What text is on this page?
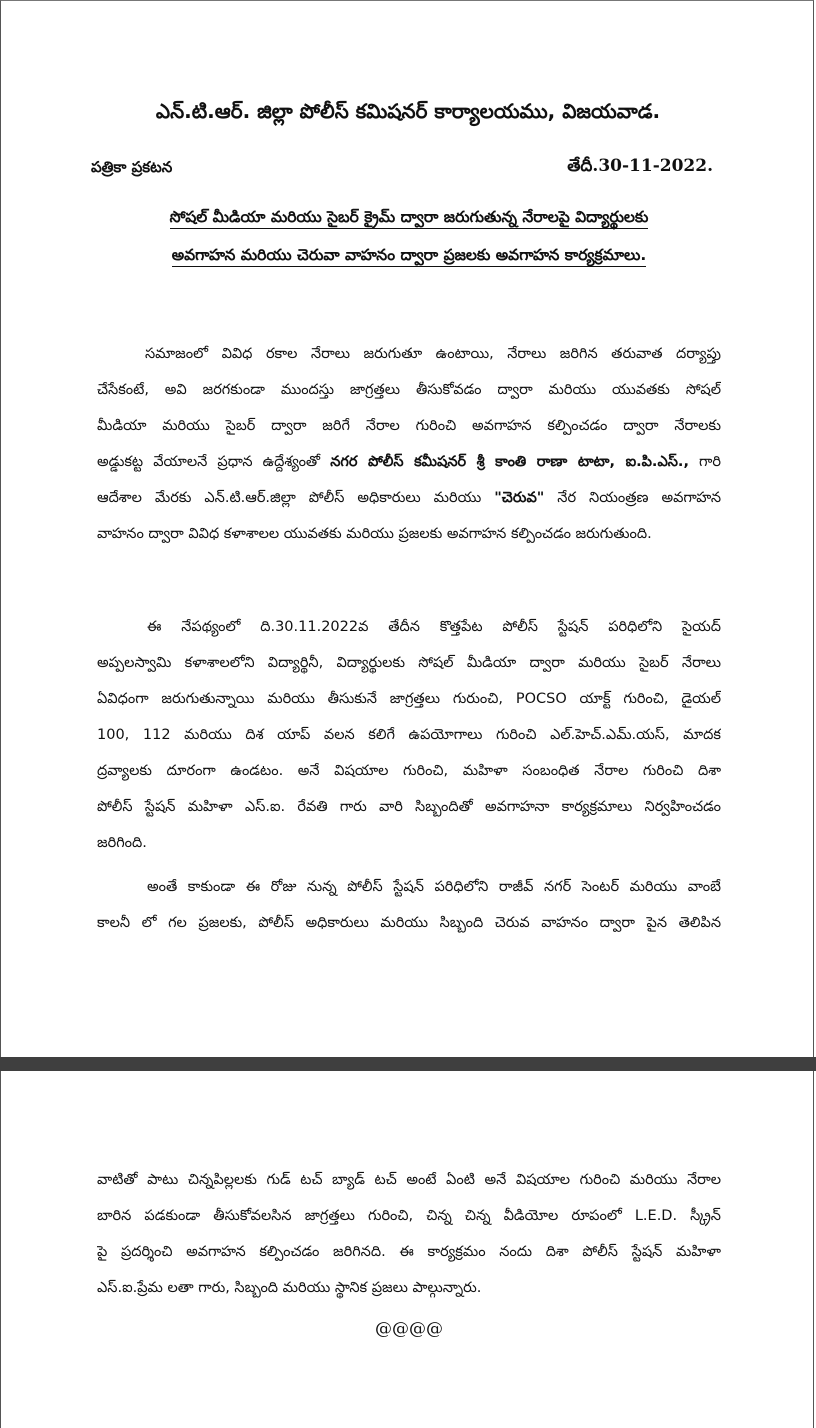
ఎన్.టి.ఆర్. జిల్లా పోలీస్ కమిషనర్ కార్యాలయము, విజయవాడ.
పత్రికా ప్రకటన	తేదీ.30-11-2022.
సోషల్ మీడియా మరియు సైబర్ క్రైమ్ ద్వారా జరుగుతున్న నేరాలపై విద్యార్థులకు
అవగాహన మరియు చెరువా వాహనం ద్వారా ప్రజలకు అవగాహన కార్యక్రమాలు.
సమాజంలో వివిధ రకాల నేరాలు జరుగుతూ ఉంటాయి, నేరాలు జరిగిన తరువాత దర్యాప్తు
చేసేకంటే, అవి జరగకుండా ముందస్తు జాగ్రత్తలు తీసుకోవడం ద్వారా మరియు యువతకు సోషల్
మీడియా మరియు సైబర్ ద్వారా జరిగే నేరాల గురించి అవగాహన కల్పించడం ద్వారా నేరాలకు
అడ్డుకట్ట వేయాలనే ప్రధాన ఉద్దేశ్యంతో నగర పోలీస్ కమీషనర్ శ్రీ కాంతి రాణా టాటా, ఐ.పి.ఎస్., గారి
ఆదేశాల మేరకు ఎన్.టి.ఆర్.జిల్లా పోలీస్ అధికారులు మరియు "చెరువ" నేర నియంత్రణ అవగాహన
వాహనం ద్వారా వివిధ కళాశాలల యువతకు మరియు ప్రజలకు అవగాహన కల్పించడం జరుగుతుంది.
ఈ నేపథ్యంలో ది.30.11.2022వ తేదీన కొత్తపేట పోలీస్ స్టేషన్ పరిధిలోని సైయద్
అప్పలస్వామి కళాశాలలోని విద్యార్థినీ, విద్యార్థులకు సోషల్ మీడియా ద్వారా మరియు సైబర్ నేరాలు
ఏవిధంగా జరుగుతున్నాయి మరియు తీసుకునే జాగ్రత్తలు గురుంచి, POCSO యాక్ట్ గురించి, డైయల్
100, 112 మరియు దిశ యాప్ వలన కలిగే ఉపయోగాలు గురించి ఎల్.హెచ్.ఎమ్.యస్, మాదక
ద్రవ్యాలకు దూరంగా ఉండటం. అనే విషయాల గురించి, మహిళా సంబంధిత నేరాల గురించి దిశా
పోలీస్ స్టేషన్ మహిళా ఎస్.ఐ. రేవతి గారు వారి సిబ్బందితో అవగాహనా కార్యక్రమాలు నిర్వహించడం
జరిగింది.
అంతే కాకుండా ఈ రోజు నున్న పోలీస్ స్టేషన్ పరిధిలోని రాజీవ్ నగర్ సెంటర్ మరియు వాంబే
కాలనీ లో గల ప్రజలకు, పోలీస్ అధికారులు మరియు సిబ్బంది చెరువ వాహనం ద్వారా పైన తెలిపిన
వాటితో పాటు చిన్నపిల్లలకు గుడ్ టచ్ బ్యాడ్ టచ్ అంటే ఏంటి అనే విషయాల గురించి మరియు నేరాల
బారిన పడకుండా తీసుకోవలసిన జాగ్రత్తలు గురించి, చిన్న చిన్న వీడియోల రూపంలో L.E.D. స్క్రీన్
పై ప్రదర్శించి అవగాహన కల్పించడం జరిగినది. ఈ కార్యక్రమం నందు దిశా పోలీస్ స్టేషన్ మహిళా
ఎస్.ఐ.ప్రేమ లతా గారు, సిబ్బంది మరియు స్థానిక ప్రజలు పాల్గున్నారు.
@@@@
